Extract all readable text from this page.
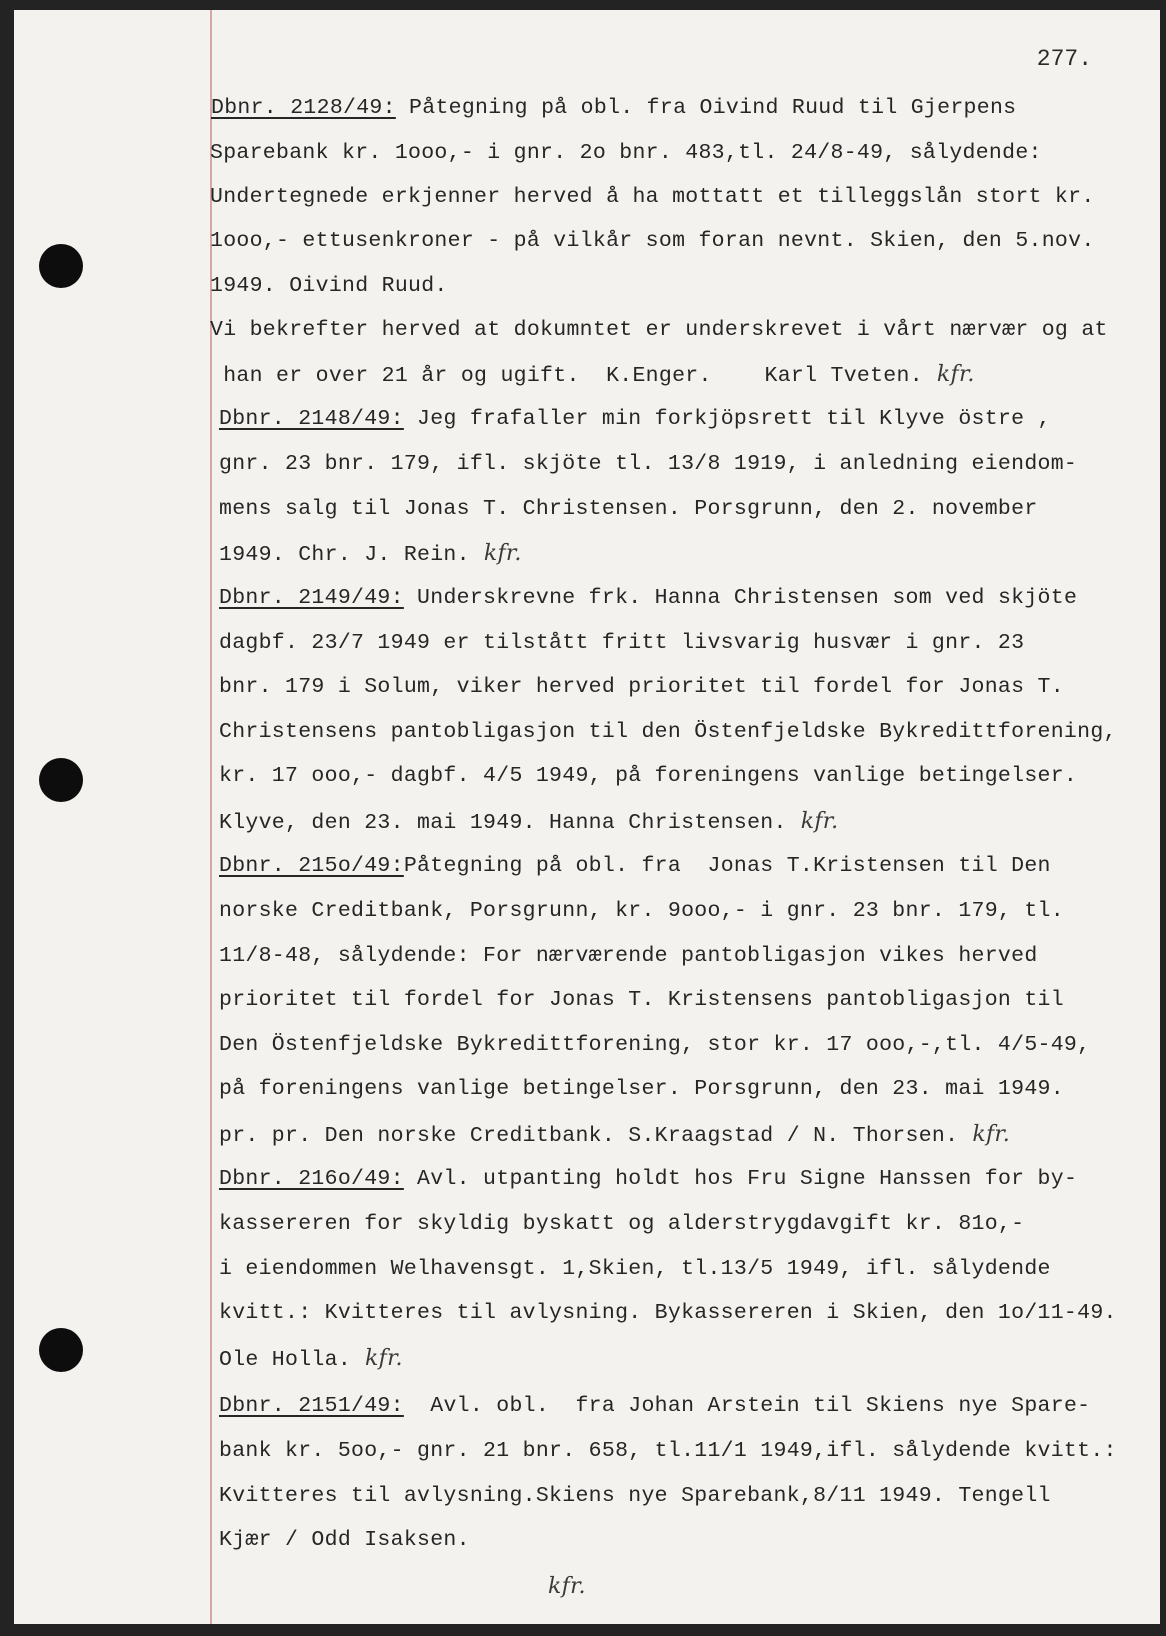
277.
Dbnr. 2128/49: Påtegning på obl. fra Oivind Ruud til Gjerpens
Sparebank kr. 1ooo,- i gnr. 2o bnr. 483,tl. 24/8-49, sålydende:
Undertegnede erkjenner herved å ha mottatt et tilleggslån stort kr.
1ooo,- ettusenkroner - på vilkår som foran nevnt. Skien, den 5.nov.
1949. Oivind Ruud.
Vi bekrefter herved at dokumntet er underskrevet i vårt nærvær og at
han er over 21 år og ugift.  K.Enger.    Karl Tveten. kfr.
Dbnr. 2148/49: Jeg frafaller min forkjöpsrett til Klyve östre ,
gnr. 23 bnr. 179, ifl. skjöte tl. 13/8 1919, i anledning eiendom-
mens salg til Jonas T. Christensen. Porsgrunn, den 2. november
1949. Chr. J. Rein. kfr.
Dbnr. 2149/49: Underskrevne frk. Hanna Christensen som ved skjöte
dagbf. 23/7 1949 er tilstått fritt livsvarig husvær i gnr. 23
bnr. 179 i Solum, viker herved prioritet til fordel for Jonas T.
Christensens pantobligasjon til den Östenfjeldske Bykredittforening,
kr. 17 ooo,- dagbf. 4/5 1949, på foreningens vanlige betingelser.
Klyve, den 23. mai 1949. Hanna Christensen. kfr.
Dbnr. 215o/49:Påtegning på obl. fra  Jonas T.Kristensen til Den
norske Creditbank, Porsgrunn, kr. 9ooo,- i gnr. 23 bnr. 179, tl.
11/8-48, sålydende: For nærværende pantobligasjon vikes herved
prioritet til fordel for Jonas T. Kristensens pantobligasjon til
Den Östenfjeldske Bykredittforening, stor kr. 17 ooo,-,tl. 4/5-49,
på foreningens vanlige betingelser. Porsgrunn, den 23. mai 1949.
pr. pr. Den norske Creditbank. S.Kraagstad / N. Thorsen. kfr.
Dbnr. 216o/49: Avl. utpanting holdt hos Fru Signe Hanssen for by-
kassereren for skyldig byskatt og alderstrygdavgift kr. 81o,-
i eiendommen Welhavensgt. 1,Skien, tl.13/5 1949, ifl. sålydende
kvitt.: Kvitteres til avlysning. Bykassereren i Skien, den 1o/11-49.
Ole Holla. kfr.
Dbnr. 2151/49:  Avl. obl.  fra Johan Arstein til Skiens nye Spare-
bank kr. 5oo,- gnr. 21 bnr. 658, tl.11/1 1949,ifl. sålydende kvitt.:
Kvitteres til avlysning.Skiens nye Sparebank,8/11 1949. Tengell
Kjær / Odd Isaksen.
kfr.
